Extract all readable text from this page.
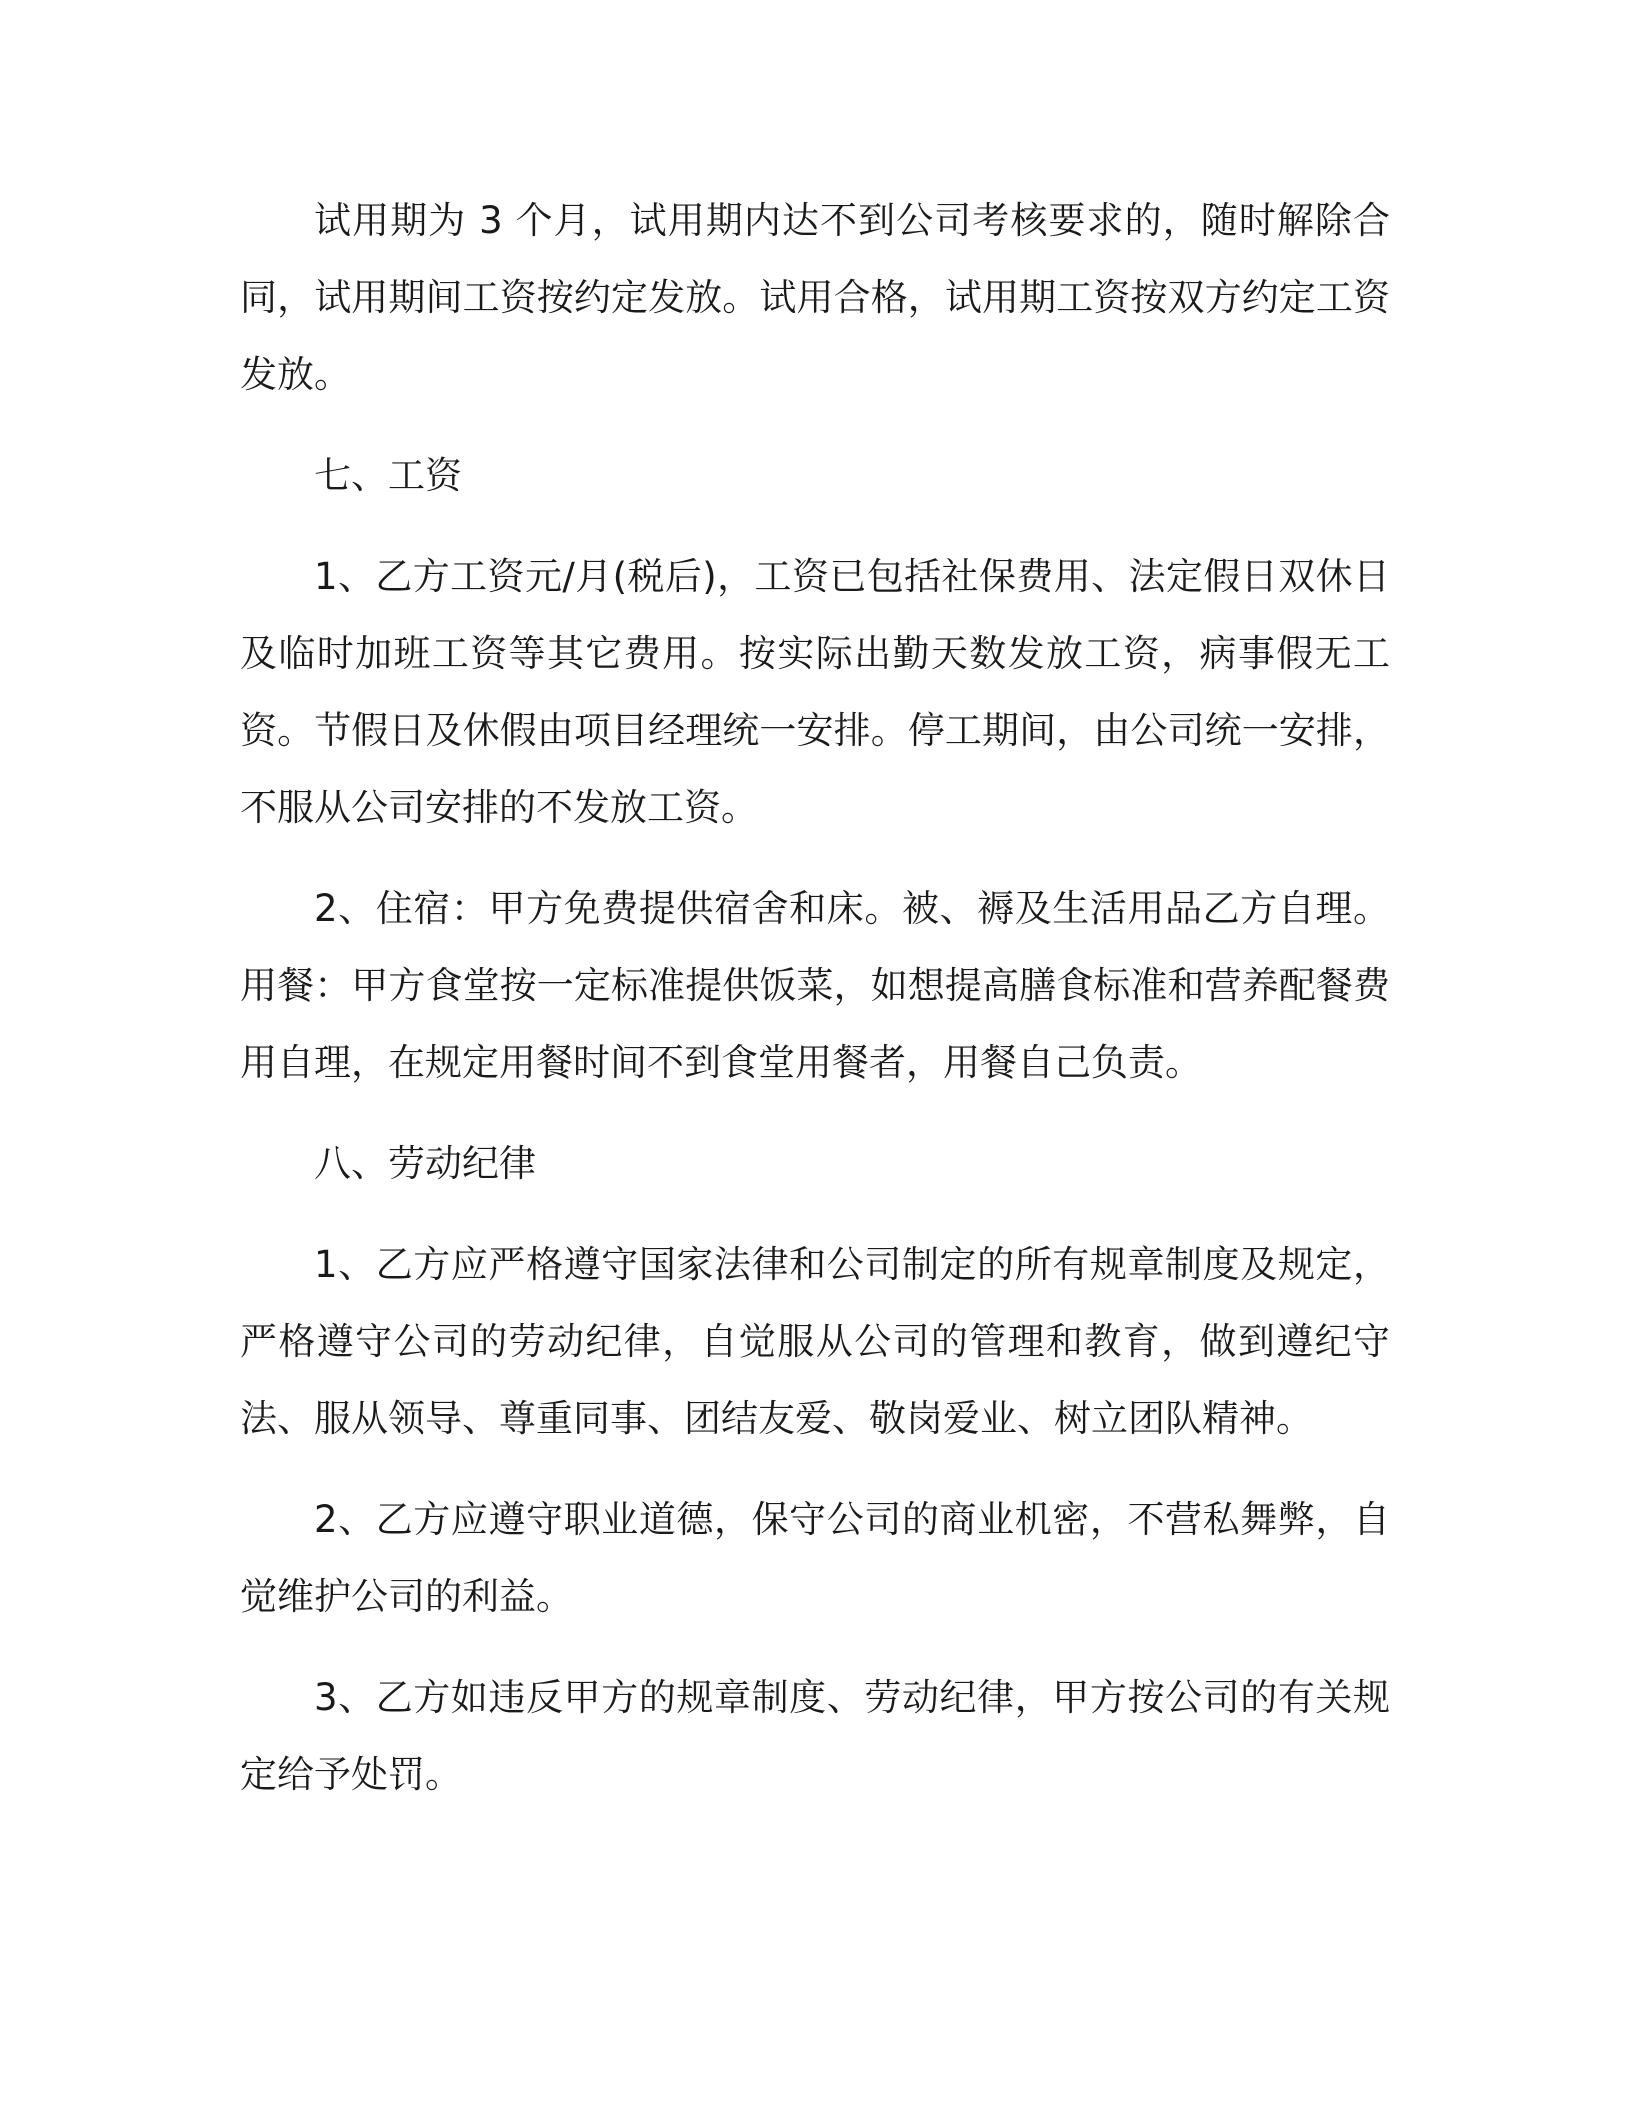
试用期为 3 个月，试用期内达不到公司考核要求的，随时解除合同，试用期间工资按约定发放。试用合格，试用期工资按双方约定工资发放。

七、工资

1、乙方工资元/月(税后)，工资已包括社保费用、法定假日双休日及临时加班工资等其它费用。按实际出勤天数发放工资，病事假无工资。节假日及休假由项目经理统一安排。停工期间，由公司统一安排，不服从公司安排的不发放工资。

2、住宿：甲方免费提供宿舍和床。被、褥及生活用品乙方自理。用餐：甲方食堂按一定标准提供饭菜，如想提高膳食标准和营养配餐费用自理，在规定用餐时间不到食堂用餐者，用餐自己负责。

八、劳动纪律

1、乙方应严格遵守国家法律和公司制定的所有规章制度及规定，严格遵守公司的劳动纪律，自觉服从公司的管理和教育，做到遵纪守法、服从领导、尊重同事、团结友爱、敬岗爱业、树立团队精神。

2、乙方应遵守职业道德，保守公司的商业机密，不营私舞弊，自觉维护公司的利益。

3、乙方如违反甲方的规章制度、劳动纪律，甲方按公司的有关规定给予处罚。
